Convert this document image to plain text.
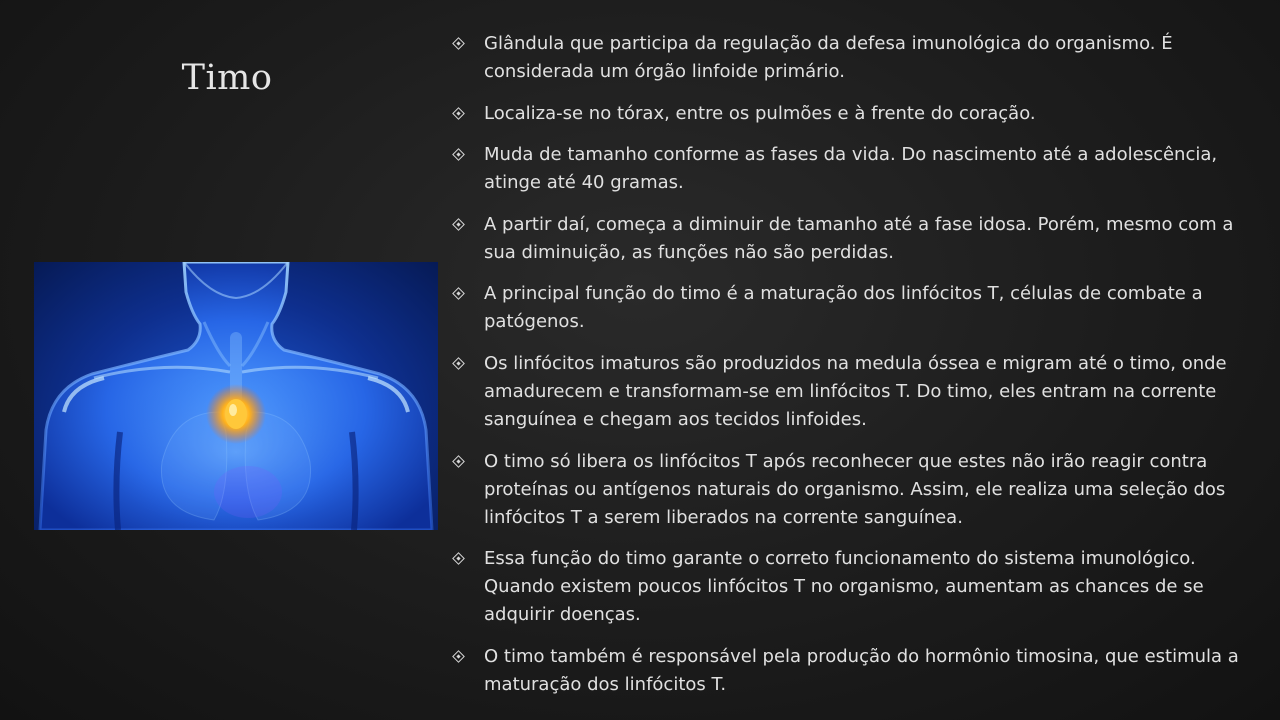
Timo
Glândula que participa da regulação da defesa imunológica do organismo. É considerada um órgão linfoide primário.
Localiza-se no tórax, entre os pulmões e à frente do coração.
Muda de tamanho conforme as fases da vida. Do nascimento até a adolescência, atinge até 40 gramas.
A partir daí, começa a diminuir de tamanho até a fase idosa. Porém, mesmo com a sua diminuição, as funções não são perdidas.
A principal função do timo é a maturação dos linfócitos T, células de combate a patógenos.
Os linfócitos imaturos são produzidos na medula óssea e migram até o timo, onde amadurecem e transformam-se em linfócitos T. Do timo, eles entram na corrente sanguínea e chegam aos tecidos linfoides.
O timo só libera os linfócitos T após reconhecer que estes não irão reagir contra proteínas ou antígenos naturais do organismo. Assim, ele realiza uma seleção dos linfócitos T a serem liberados na corrente sanguínea.
Essa função do timo garante o correto funcionamento do sistema imunológico. Quando existem poucos linfócitos T no organismo, aumentam as chances de se adquirir doenças.
O timo também é responsável pela produção do hormônio timosina, que estimula a maturação dos linfócitos T.
